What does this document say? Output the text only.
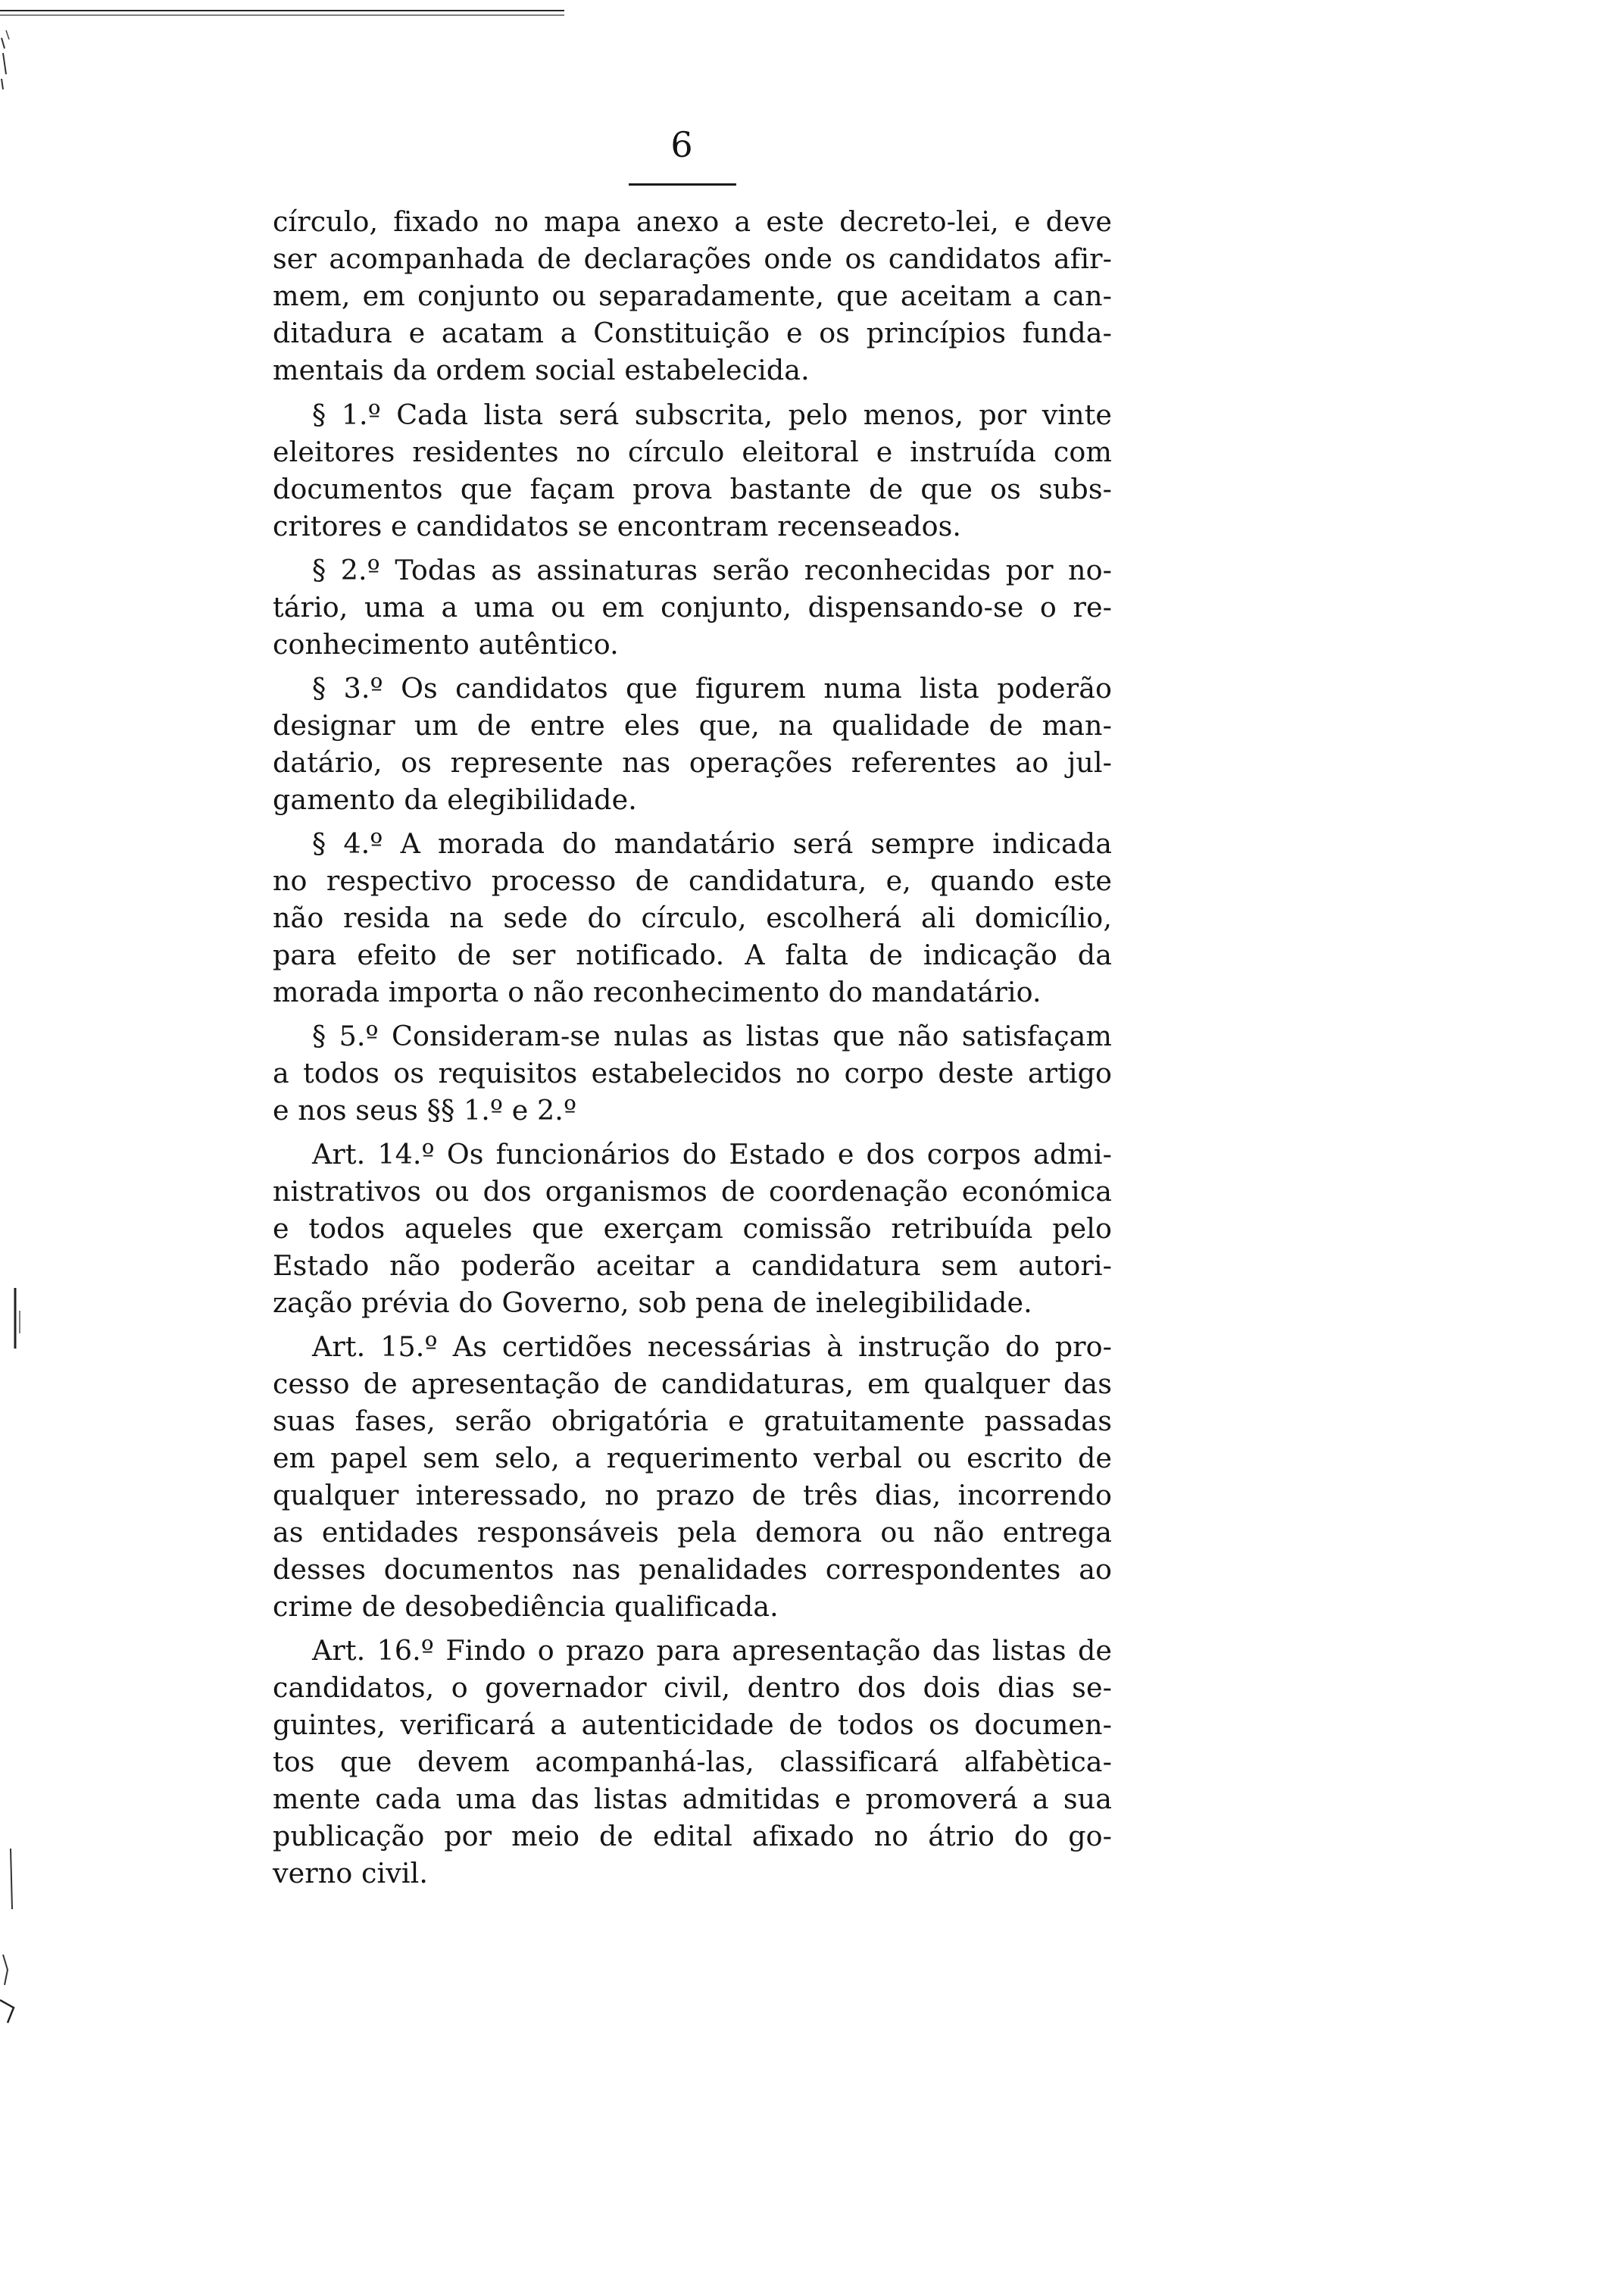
6
círculo, fixado no mapa anexo a este decreto-lei, e deve
ser acompanhada de declarações onde os candidatos afir-
mem, em conjunto ou separadamente, que aceitam a can-
ditadura e acatam a Constituição e os princípios funda-
mentais da ordem social estabelecida.
§ 1.º Cada lista será subscrita, pelo menos, por vinte
eleitores residentes no círculo eleitoral e instruída com
documentos que façam prova bastante de que os subs-
critores e candidatos se encontram recenseados.
§ 2.º Todas as assinaturas serão reconhecidas por no-
tário, uma a uma ou em conjunto, dispensando-se o re-
conhecimento autêntico.
§ 3.º Os candidatos que figurem numa lista poderão
designar um de entre eles que, na qualidade de man-
datário, os represente nas operações referentes ao jul-
gamento da elegibilidade.
§ 4.º A morada do mandatário será sempre indicada
no respectivo processo de candidatura, e, quando este
não resida na sede do círculo, escolherá ali domicílio,
para efeito de ser notificado. A falta de indicação da
morada importa o não reconhecimento do mandatário.
§ 5.º Consideram-se nulas as listas que não satisfaçam
a todos os requisitos estabelecidos no corpo deste artigo
e nos seus §§ 1.º e 2.º
Art. 14.º Os funcionários do Estado e dos corpos admi-
nistrativos ou dos organismos de coordenação económica
e todos aqueles que exerçam comissão retribuída pelo
Estado não poderão aceitar a candidatura sem autori-
zação prévia do Governo, sob pena de inelegibilidade.
Art. 15.º As certidões necessárias à instrução do pro-
cesso de apresentação de candidaturas, em qualquer das
suas fases, serão obrigatória e gratuitamente passadas
em papel sem selo, a requerimento verbal ou escrito de
qualquer interessado, no prazo de três dias, incorrendo
as entidades responsáveis pela demora ou não entrega
desses documentos nas penalidades correspondentes ao
crime de desobediência qualificada.
Art. 16.º Findo o prazo para apresentação das listas de
candidatos, o governador civil, dentro dos dois dias se-
guintes, verificará a autenticidade de todos os documen-
tos que devem acompanhá-las, classificará alfabètica-
mente cada uma das listas admitidas e promoverá a sua
publicação por meio de edital afixado no átrio do go-
verno civil.
